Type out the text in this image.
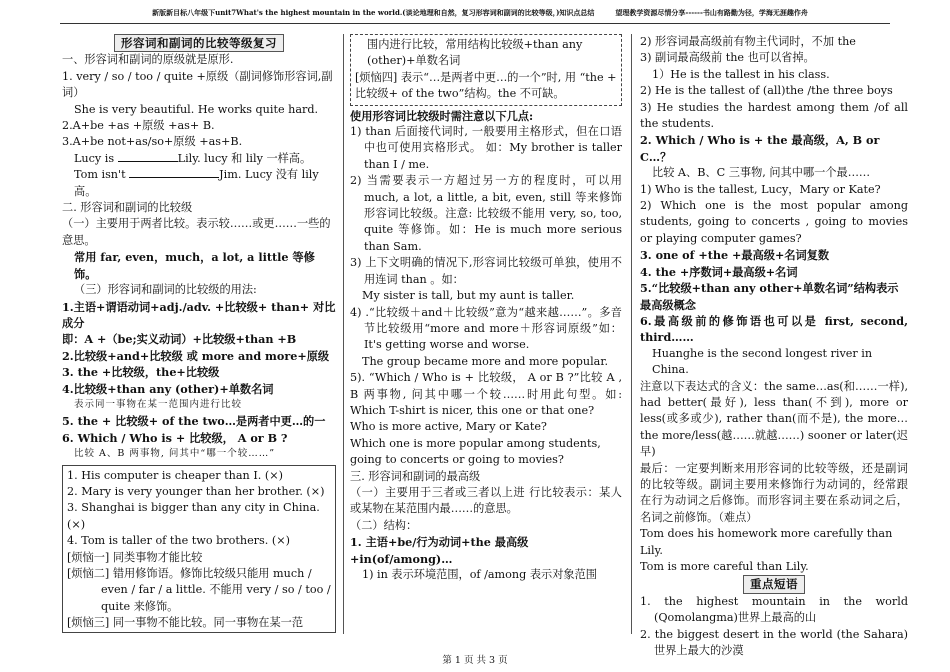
新版新目标八年级下unit7What's the highest mountain in the world.(谈论地理和自然，复习形容词和副词的比较等级，)知识点总结　　　望理教学资源尽情分享------书山有路勤为径，学海无涯趣作舟
形容词和副词的比较等级复习

一、形容词和副词的原级就是原形.

1. very / so / too / quite +原级（副词修饰形容词,副词）

She is very beautiful. He works quite hard.

2.A+be +as +原级 +as+ B.

3.A+be not+as/so+原级 +as+B.

Lucy is	Lily. lucy 和 lily 一样高。

Tom isn't	Jim. Lucy 没有 lily 高。

二. 形容词和副词的比较级

（一）主要用于两者比较。表示较……或更……一些的意思。

常用 far, even，much，a lot, a little 等修饰。

（三）形容词和副词的比较级的用法:

1.主语+谓语动词+adj./adv. +比较级+ than+ 对比成分

即：A +（be;实义动词）+比较级+than +B

2.比较级+and+比较级 或 more and more+原级

3. the +比较级，the+比较级

4.比较级+than any (other)+单数名词

表示同一事物在某一范围内进行比较

5. the + 比较级+ of the two…是两者中更…的一

6. Which / Who is + 比较级， A or B ?

比较 A、B 两事物, 问其中“哪一个较……”

1. His computer is cheaper than I. (×)

2. Mary is very younger than her brother. (×)

3. Shanghai is bigger than any city in China. (×)

4. Tom is taller of the two brothers. (×)

[烦恼一] 同类事物才能比较

[烦恼二] 错用修饰语。修饰比较级只能用 much / even / far / a little. 不能用 very / so / too / quite 来修饰。

[烦恼三] 同一事物不能比较。同一事物在某一范

围内进行比较，常用结构比较级+than any (other)+单数名词

[烦恼四] 表示“…是两者中更…的一个”时, 用 “the + 比较级+ of the two”结构。the 不可缺。

使用形容词比较级时需注意以下几点:

1) than 后面接代词时, 一般要用主格形式，但在口语中也可使用宾格形式。 如：My brother is taller than I / me.

2) 当需要表示一方超过另一方的程度时，可以用 much, a lot, a little, a bit, even, still 等来修饰形容词比较级。注意: 比较级不能用 very, so, too, quite 等修饰。如：He is much more serious than Sam.

3) 上下文明确的情况下,形容词比较级可单独，使用不用连词 than 。如：

My sister is tall, but my aunt is taller.

4) .“比较级＋and＋比较级”意为“越来越……”。多音节比较级用“more and more＋形容词原级”如：It's getting worse and worse.

The group became more and more popular.

5). “Which / Who is + 比较级， A or B ?”比较 A , B 两事物, 问其中哪一个较……时用此句型。如: Which T-shirt is nicer, this one or that one?

Who is more active, Mary or Kate?

Which one is more popular among students, going to concerts or going to movies?

三. 形容词和副词的最高级

（一）主要用于三者或三者以上进 行比较表示：某人或某物在某范围内最……的意思。

（二）结构：

1. 主语+be/行为动词+the 最高级+in(of/among)…

1) in 表示环境范围，of /among 表示对象范围

2) 形容词最高级前有物主代词时，不加 the

3) 副词最高级前 the 也可以省掉。

1）He is the tallest in his class.

2) He is the tallest of (all)the /the three boys

3) He studies the hardest among them /of all the students.

2. Which / Who is + the 最高级，A, B or C…？

比较 A、B、C 三事物, 问其中哪一个最……

1) Who is the tallest, Lucy，Mary or Kate?

2) Which one is the most popular among students, going to concerts , going to movies or playing computer games?

3. one of +the +最高级+名词复数

4. the +序数词+最高级+名词

5.“比较级+than any other+单数名词”结构表示最高级概念

6.最高级前的修饰语也可以是 first, second, third……

Huanghe is the second longest river in China.

注意以下表达式的含义：the same…as(和……一样), had better(最好), less than(不到), more or less(或多或少), rather than(而不是), the more…the more/less(越……就越……) sooner or later(迟早)

最后：一定要判断来用形容词的比较等级，还是副词的比较等级。副词主要用来修饰行为动词的，经常跟在行为动词之后修饰。而形容词主要在系动词之后，名词之前修饰。（难点）

Tom does his homework more carefully than Lily.

Tom is more careful than Lily.

重点短语

1. the highest mountain in the world (Qomolangma)世界上最高的山

2. the biggest desert in the world (the Sahara)世界上最大的沙漠

第 1 页 共 3 页
